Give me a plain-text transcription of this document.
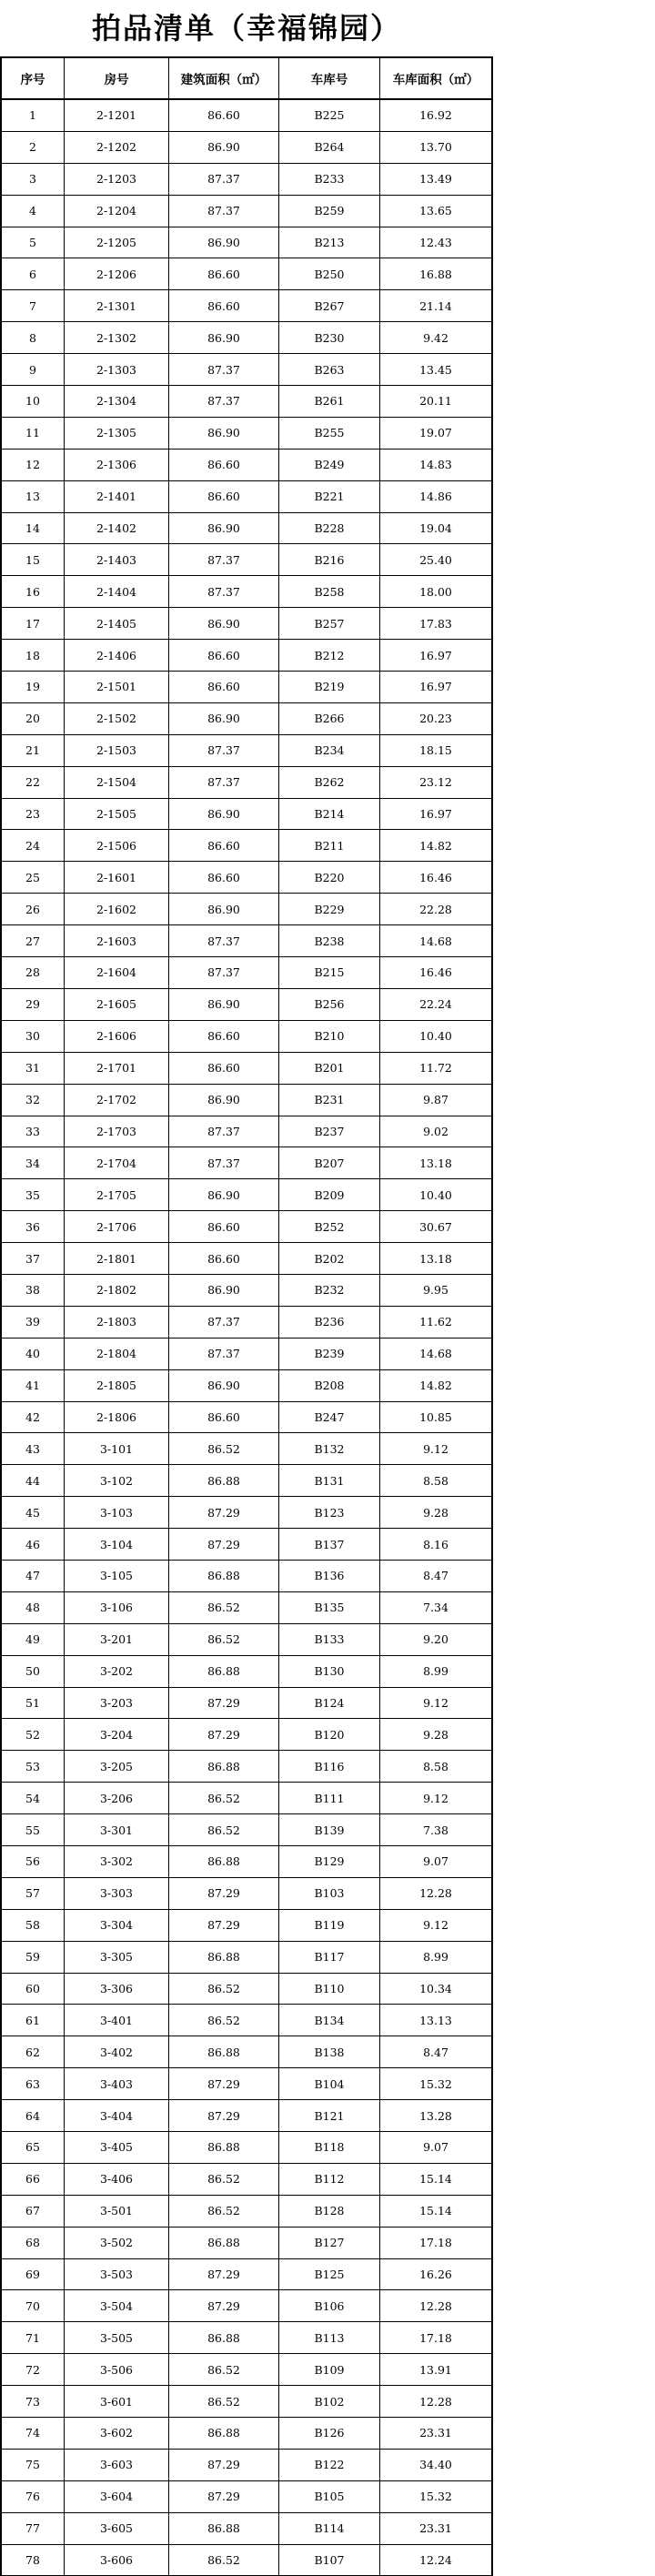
拍品清单（幸福锦园）
序号	房号	建筑面积（㎡）	车库号	车库面积（㎡）
1	2-1201	86.60	B225	16.92
2	2-1202	86.90	B264	13.70
3	2-1203	87.37	B233	13.49
4	2-1204	87.37	B259	13.65
5	2-1205	86.90	B213	12.43
6	2-1206	86.60	B250	16.88
7	2-1301	86.60	B267	21.14
8	2-1302	86.90	B230	9.42
9	2-1303	87.37	B263	13.45
10	2-1304	87.37	B261	20.11
11	2-1305	86.90	B255	19.07
12	2-1306	86.60	B249	14.83
13	2-1401	86.60	B221	14.86
14	2-1402	86.90	B228	19.04
15	2-1403	87.37	B216	25.40
16	2-1404	87.37	B258	18.00
17	2-1405	86.90	B257	17.83
18	2-1406	86.60	B212	16.97
19	2-1501	86.60	B219	16.97
20	2-1502	86.90	B266	20.23
21	2-1503	87.37	B234	18.15
22	2-1504	87.37	B262	23.12
23	2-1505	86.90	B214	16.97
24	2-1506	86.60	B211	14.82
25	2-1601	86.60	B220	16.46
26	2-1602	86.90	B229	22.28
27	2-1603	87.37	B238	14.68
28	2-1604	87.37	B215	16.46
29	2-1605	86.90	B256	22.24
30	2-1606	86.60	B210	10.40
31	2-1701	86.60	B201	11.72
32	2-1702	86.90	B231	9.87
33	2-1703	87.37	B237	9.02
34	2-1704	87.37	B207	13.18
35	2-1705	86.90	B209	10.40
36	2-1706	86.60	B252	30.67
37	2-1801	86.60	B202	13.18
38	2-1802	86.90	B232	9.95
39	2-1803	87.37	B236	11.62
40	2-1804	87.37	B239	14.68
41	2-1805	86.90	B208	14.82
42	2-1806	86.60	B247	10.85
43	3-101	86.52	B132	9.12
44	3-102	86.88	B131	8.58
45	3-103	87.29	B123	9.28
46	3-104	87.29	B137	8.16
47	3-105	86.88	B136	8.47
48	3-106	86.52	B135	7.34
49	3-201	86.52	B133	9.20
50	3-202	86.88	B130	8.99
51	3-203	87.29	B124	9.12
52	3-204	87.29	B120	9.28
53	3-205	86.88	B116	8.58
54	3-206	86.52	B111	9.12
55	3-301	86.52	B139	7.38
56	3-302	86.88	B129	9.07
57	3-303	87.29	B103	12.28
58	3-304	87.29	B119	9.12
59	3-305	86.88	B117	8.99
60	3-306	86.52	B110	10.34
61	3-401	86.52	B134	13.13
62	3-402	86.88	B138	8.47
63	3-403	87.29	B104	15.32
64	3-404	87.29	B121	13.28
65	3-405	86.88	B118	9.07
66	3-406	86.52	B112	15.14
67	3-501	86.52	B128	15.14
68	3-502	86.88	B127	17.18
69	3-503	87.29	B125	16.26
70	3-504	87.29	B106	12.28
71	3-505	86.88	B113	17.18
72	3-506	86.52	B109	13.91
73	3-601	86.52	B102	12.28
74	3-602	86.88	B126	23.31
75	3-603	87.29	B122	34.40
76	3-604	87.29	B105	15.32
77	3-605	86.88	B114	23.31
78	3-606	86.52	B107	12.24
